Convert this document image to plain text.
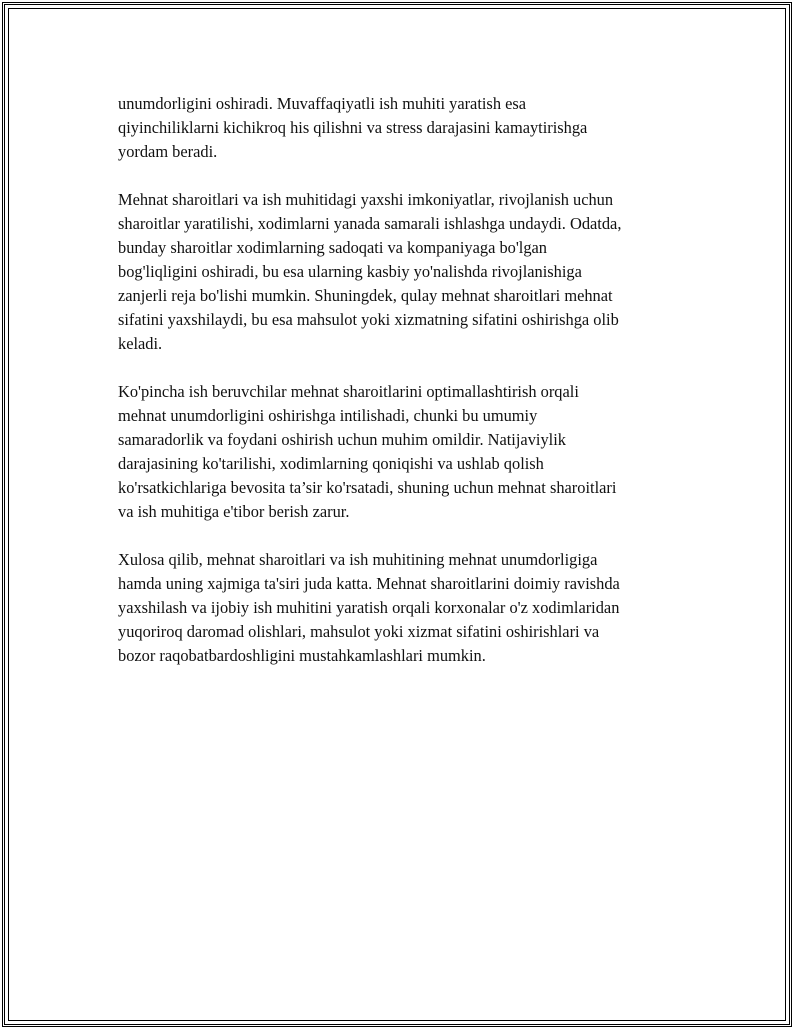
unumdorligini oshiradi. Muvaffaqiyatli ish muhiti yaratish esa
qiyinchiliklarni kichikroq his qilishni va stress darajasini kamaytirishga
yordam beradi.

Mehnat sharoitlari va ish muhitidagi yaxshi imkoniyatlar, rivojlanish uchun
sharoitlar yaratilishi, xodimlarni yanada samarali ishlashga undaydi. Odatda,
bunday sharoitlar xodimlarning sadoqati va kompaniyaga bo'lgan
bog'liqligini oshiradi, bu esa ularning kasbiy yo'nalishda rivojlanishiga
zanjerli reja bo'lishi mumkin. Shuningdek, qulay mehnat sharoitlari mehnat
sifatini yaxshilaydi, bu esa mahsulot yoki xizmatning sifatini oshirishga olib
keladi.

Ko'pincha ish beruvchilar mehnat sharoitlarini optimallashtirish orqali
mehnat unumdorligini oshirishga intilishadi, chunki bu umumiy
samaradorlik va foydani oshirish uchun muhim omildir. Natijaviylik
darajasining ko'tarilishi, xodimlarning qoniqishi va ushlab qolish
ko'rsatkichlariga bevosita ta’sir ko'rsatadi, shuning uchun mehnat sharoitlari
va ish muhitiga e'tibor berish zarur.

Xulosa qilib, mehnat sharoitlari va ish muhitining mehnat unumdorligiga
hamda uning xajmiga ta'siri juda katta. Mehnat sharoitlarini doimiy ravishda
yaxshilash va ijobiy ish muhitini yaratish orqali korxonalar o'z xodimlaridan
yuqoriroq daromad olishlari, mahsulot yoki xizmat sifatini oshirishlari va
bozor raqobatbardoshligini mustahkamlashlari mumkin.
